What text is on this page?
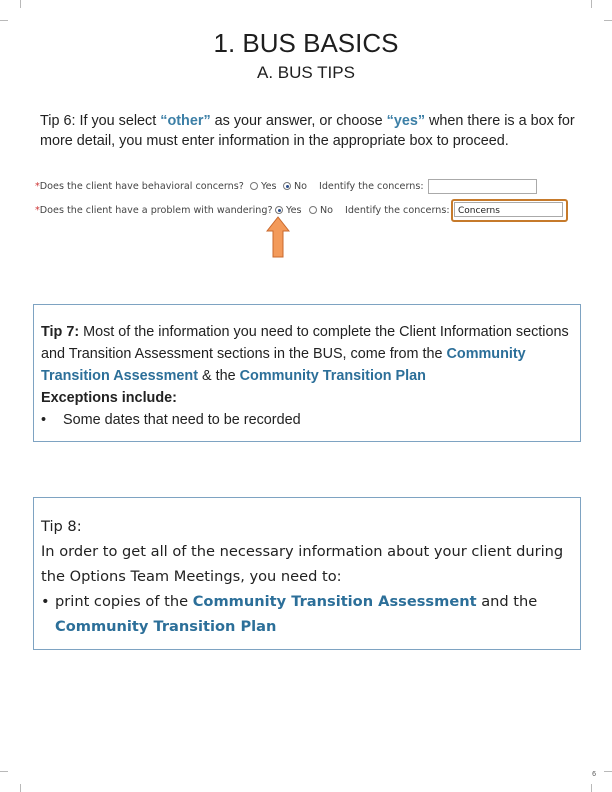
1. BUS BASICS
A. BUS TIPS
Tip 6: If you select “other” as your answer, or choose “yes” when there is a box for more detail, you must enter information in the appropriate box to proceed.
*Does the client have behavioral concerns? Yes No Identify the concerns:
*Does the client have a problem with wandering? Yes No Identify the concerns: Concerns
Tip 7: Most of the information you need to complete the Client Information sections and Transition Assessment sections in the BUS, come from the Community Transition Assessment & the Community Transition Plan
Exceptions include:
• Some dates that need to be recorded
Tip 8:
In order to get all of the necessary information about your client during the Options Team Meetings, you need to:
• print copies of the Community Transition Assessment and the Community Transition Plan
6
